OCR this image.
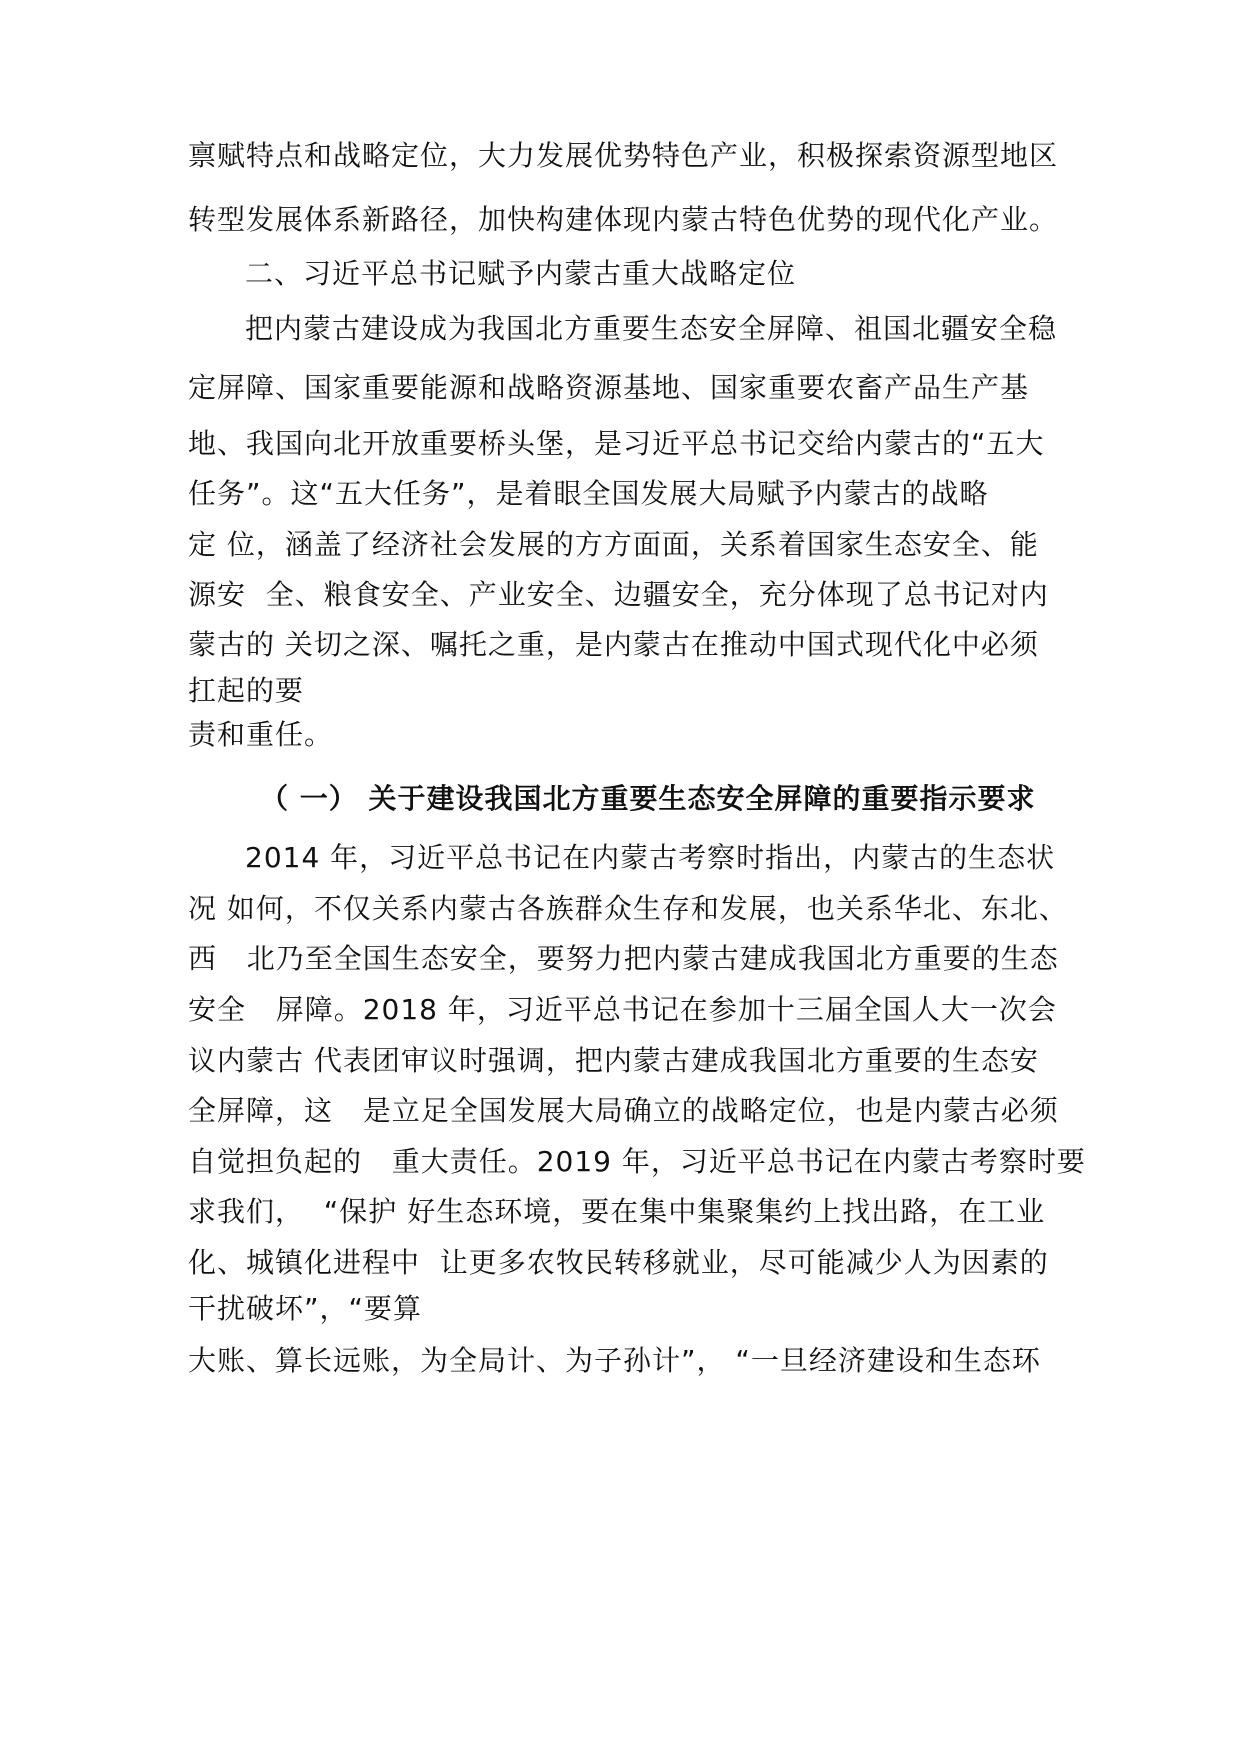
禀赋特点和战略定位，大力发展优势特色产业，积极探索资源型地区
转型发展体系新路径，加快构建体现内蒙古特色优势的现代化产业。
二、习近平总书记赋予内蒙古重大战略定位
把内蒙古建设成为我国北方重要生态安全屏障、祖国北疆安全稳
定屏障、国家重要能源和战略资源基地、国家重要农畜产品生产基
地、我国向北开放重要桥头堡，是习近平总书记交给内蒙古的“五大
任务”。这“五大任务”，是着眼全国发展大局赋予内蒙古的战略
定 位，涵盖了经济社会发展的方方面面，关系着国家生态安全、能
源安  全、粮食安全、产业安全、边疆安全，充分体现了总书记对内
蒙古的 关切之深、嘱托之重，是内蒙古在推动中国式现代化中必须
扛起的要
责和重任。
（ 一） 关于建设我国北方重要生态安全屏障的重要指示要求
2014 年，习近平总书记在内蒙古考察时指出，内蒙古的生态状
况 如何，不仅关系内蒙古各族群众生存和发展，也关系华北、东北、
西   北乃至全国生态安全，要努力把内蒙古建成我国北方重要的生态
安全   屏障。2018 年，习近平总书记在参加十三届全国人大一次会
议内蒙古 代表团审议时强调，把内蒙古建成我国北方重要的生态安
全屏障，这   是立足全国发展大局确立的战略定位，也是内蒙古必须
自觉担负起的   重大责任。2019 年，习近平总书记在内蒙古考察时要
求我们，  “保护 好生态环境，要在集中集聚集约上找出路，在工业
化、城镇化进程中  让更多农牧民转移就业，尽可能减少人为因素的
干扰破坏”，“要算
大账、算长远账，为全局计、为子孙计”， “一旦经济建设和生态环
